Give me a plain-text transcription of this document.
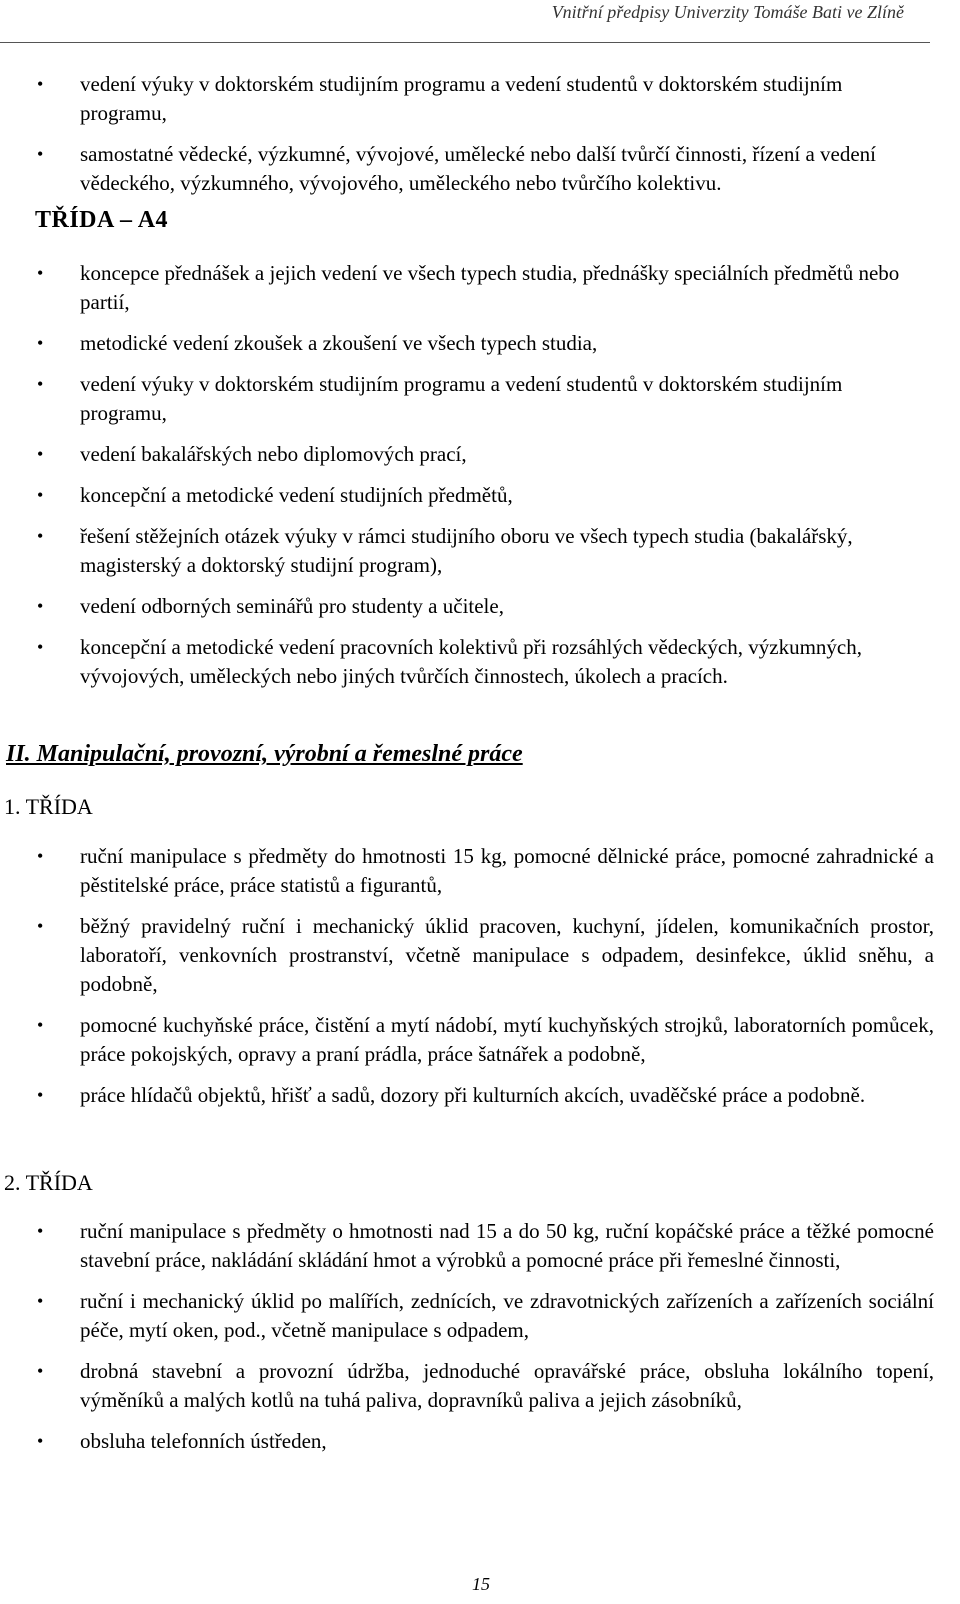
Vnitřní předpisy Univerzity Tomáše Bati ve Zlíně
• vedení výuky v doktorském studijním programu a vedení studentů v doktorském studijním programu,
• samostatné vědecké, výzkumné, vývojové, umělecké nebo další tvůrčí činnosti, řízení a vedení vědeckého, výzkumného, vývojového, uměleckého nebo tvůrčího kolektivu.
TŘÍDA – A4
• koncepce přednášek a jejich vedení ve všech typech studia, přednášky speciálních předmětů nebo partií,
• metodické vedení zkoušek a zkoušení ve všech typech studia,
• vedení výuky v doktorském studijním programu a vedení studentů v doktorském studijním programu,
• vedení bakalářských nebo diplomových prací,
• koncepční a metodické vedení studijních předmětů,
• řešení stěžejních otázek výuky v rámci studijního oboru ve všech typech studia (bakalářský, magisterský a doktorský studijní program),
• vedení odborných seminářů pro studenty a učitele,
• koncepční a metodické vedení pracovních kolektivů při rozsáhlých vědeckých, výzkumných, vývojových, uměleckých nebo jiných tvůrčích činnostech, úkolech a pracích.
II. Manipulační, provozní, výrobní a řemeslné práce
1. TŘÍDA
• ruční manipulace s předměty do hmotnosti 15 kg, pomocné dělnické práce, pomocné zahradnické a pěstitelské práce, práce statistů a figurantů,
• běžný pravidelný ruční i mechanický úklid pracoven, kuchyní, jídelen, komunikačních prostor, laboratoří, venkovních prostranství, včetně manipulace s odpadem, desinfekce, úklid sněhu, a podobně,
• pomocné kuchyňské práce, čistění a mytí nádobí, mytí kuchyňských strojků, laboratorních pomůcek, práce pokojských, opravy a praní prádla, práce šatnářek a podobně,
• práce hlídačů objektů, hřišť a sadů, dozory při kulturních akcích, uvaděčské práce a podobně.
2. TŘÍDA
• ruční manipulace s předměty o hmotnosti nad 15 a do 50 kg, ruční kopáčské práce a těžké pomocné stavební práce, nakládání skládání hmot a výrobků a pomocné práce při řemeslné činnosti,
• ruční i mechanický úklid po malířích, zednících, ve zdravotnických zařízeních a zařízeních sociální péče, mytí oken, pod., včetně manipulace s odpadem,
• drobná stavební a provozní údržba, jednoduché opravářské práce, obsluha lokálního topení, výměníků a malých kotlů na tuhá paliva, dopravníků paliva a jejich zásobníků,
• obsluha telefonních ústředen,
15
